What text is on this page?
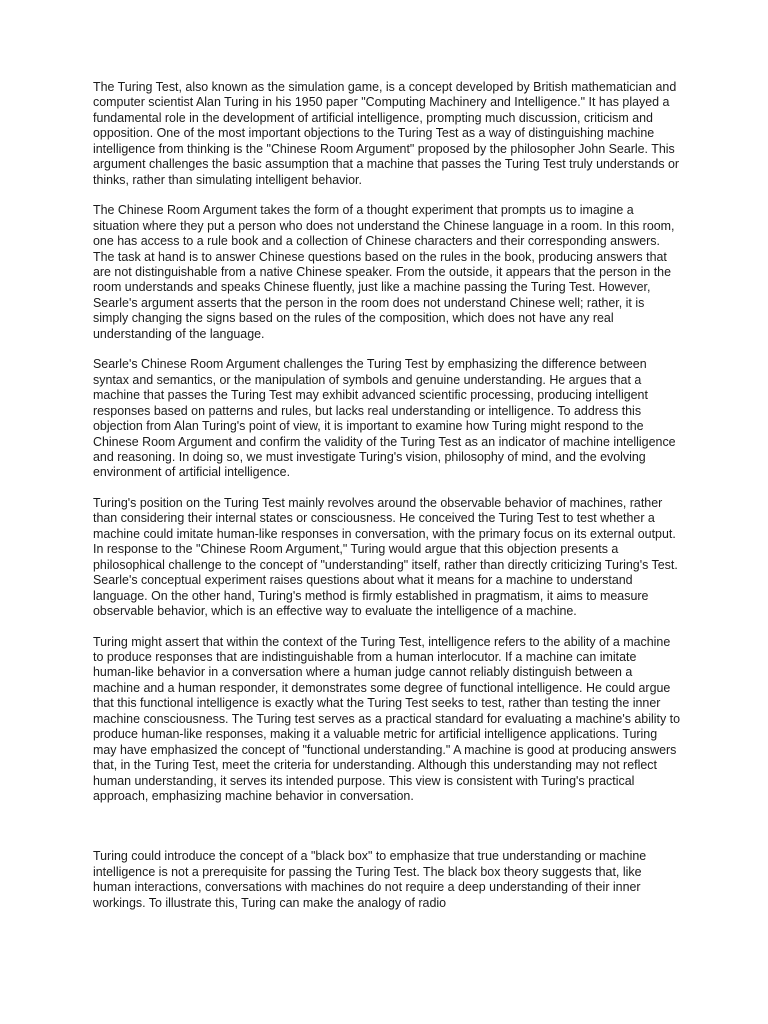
The Turing Test, also known as the simulation game, is a concept developed by British mathematician and computer scientist Alan Turing in his 1950 paper "Computing Machinery and Intelligence." It has played a fundamental role in the development of artificial intelligence, prompting much discussion, criticism and opposition. One of the most important objections to the Turing Test as a way of distinguishing machine intelligence from thinking is the "Chinese Room Argument" proposed by the philosopher John Searle. This argument challenges the basic assumption that a machine that passes the Turing Test truly understands or thinks, rather than simulating intelligent behavior.

The Chinese Room Argument takes the form of a thought experiment that prompts us to imagine a situation where they put a person who does not understand the Chinese language in a room. In this room, one has access to a rule book and a collection of Chinese characters and their corresponding answers. The task at hand is to answer Chinese questions based on the rules in the book, producing answers that are not distinguishable from a native Chinese speaker. From the outside, it appears that the person in the room understands and speaks Chinese fluently, just like a machine passing the Turing Test. However, Searle's argument asserts that the person in the room does not understand Chinese well; rather, it is simply changing the signs based on the rules of the composition, which does not have any real understanding of the language.

Searle's Chinese Room Argument challenges the Turing Test by emphasizing the difference between syntax and semantics, or the manipulation of symbols and genuine understanding. He argues that a machine that passes the Turing Test may exhibit advanced scientific processing, producing intelligent responses based on patterns and rules, but lacks real understanding or intelligence. To address this objection from Alan Turing's point of view, it is important to examine how Turing might respond to the Chinese Room Argument and confirm the validity of the Turing Test as an indicator of machine intelligence and reasoning. In doing so, we must investigate Turing's vision, philosophy of mind, and the evolving environment of artificial intelligence.

Turing's position on the Turing Test mainly revolves around the observable behavior of machines, rather than considering their internal states or consciousness. He conceived the Turing Test to test whether a machine could imitate human-like responses in conversation, with the primary focus on its external output. In response to the "Chinese Room Argument," Turing would argue that this objection presents a philosophical challenge to the concept of "understanding" itself, rather than directly criticizing Turing's Test. Searle's conceptual experiment raises questions about what it means for a machine to understand language. On the other hand, Turing's method is firmly established in pragmatism, it aims to measure observable behavior, which is an effective way to evaluate the intelligence of a machine.

Turing might assert that within the context of the Turing Test, intelligence refers to the ability of a machine to produce responses that are indistinguishable from a human interlocutor. If a machine can imitate human-like behavior in a conversation where a human judge cannot reliably distinguish between a machine and a human responder, it demonstrates some degree of functional intelligence. He could argue that this functional intelligence is exactly what the Turing Test seeks to test, rather than testing the inner machine consciousness. The Turing test serves as a practical standard for evaluating a machine's ability to produce human-like responses, making it a valuable metric for artificial intelligence applications. Turing may have emphasized the concept of "functional understanding." A machine is good at producing answers that, in the Turing Test, meet the criteria for understanding. Although this understanding may not reflect human understanding, it serves its intended purpose. This view is consistent with Turing's practical approach, emphasizing machine behavior in conversation.

Turing could introduce the concept of a "black box" to emphasize that true understanding or machine intelligence is not a prerequisite for passing the Turing Test. The black box theory suggests that, like human interactions, conversations with machines do not require a deep understanding of their inner workings. To illustrate this, Turing can make the analogy of radio
